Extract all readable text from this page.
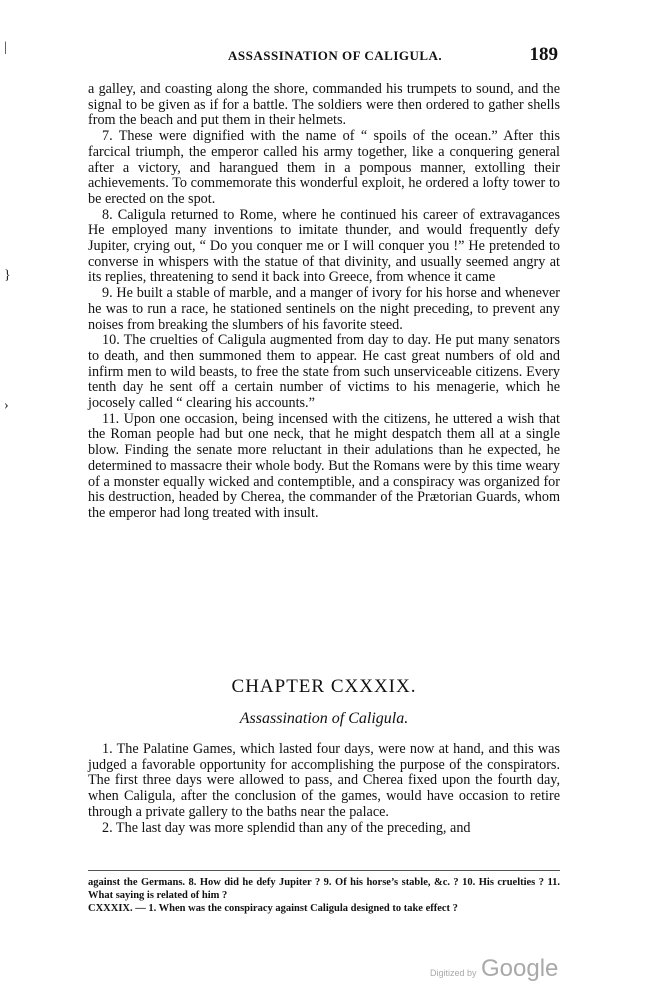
|
}
›
ASSASSINATION OF CALIGULA.	189

a galley, and coasting along the shore, commanded his trumpets to sound, and the signal to be given as if for a battle. The soldiers were then ordered to gather shells from the beach and put them in their helmets.

7. These were dignified with the name of “ spoils of the ocean.” After this farcical triumph, the emperor called his army together, like a conquering general after a victory, and harangued them in a pompous manner, extolling their achievements. To commemorate this wonderful exploit, he ordered a lofty tower to be erected on the spot.

8. Caligula returned to Rome, where he continued his career of extravagances He employed many inventions to imitate thunder, and would frequently defy Jupiter, crying out, “ Do you conquer me or I will conquer you !” He pretended to converse in whispers with the statue of that divinity, and usually seemed angry at its replies, threatening to send it back into Greece, from whence it came

9. He built a stable of marble, and a manger of ivory for his horse and whenever he was to run a race, he stationed sentinels on the night preceding, to prevent any noises from breaking the slumbers of his favorite steed.

10. The cruelties of Caligula augmented from day to day. He put many senators to death, and then summoned them to appear. He cast great numbers of old and infirm men to wild beasts, to free the state from such unserviceable citizens. Every tenth day he sent off a certain number of victims to his menagerie, which he jocosely called “ clearing his accounts.”

11. Upon one occasion, being incensed with the citizens, he uttered a wish that the Roman people had but one neck, that he might despatch them all at a single blow. Finding the senate more reluctant in their adulations than he expected, he determined to massacre their whole body. But the Romans were by this time weary of a monster equally wicked and contemptible, and a conspiracy was organized for his destruction, headed by Cherea, the commander of the Prætorian Guards, whom the emperor had long treated with insult.

CHAPTER CXXXIX.
Assassination of Caligula.

1. The Palatine Games, which lasted four days, were now at hand, and this was judged a favorable opportunity for accomplishing the purpose of the conspirators. The first three days were allowed to pass, and Cherea fixed upon the fourth day, when Caligula, after the conclusion of the games, would have occasion to retire through a private gallery to the baths near the palace.

2. The last day was more splendid than any of the preceding, and

against the Germans. 8. How did he defy Jupiter ? 9. Of his horse’s stable, &c. ? 10. His cruelties ? 11. What saying is related of him ?

CXXXIX. — 1. When was the conspiracy against Caligula designed to take effect ?

Digitized by Google
